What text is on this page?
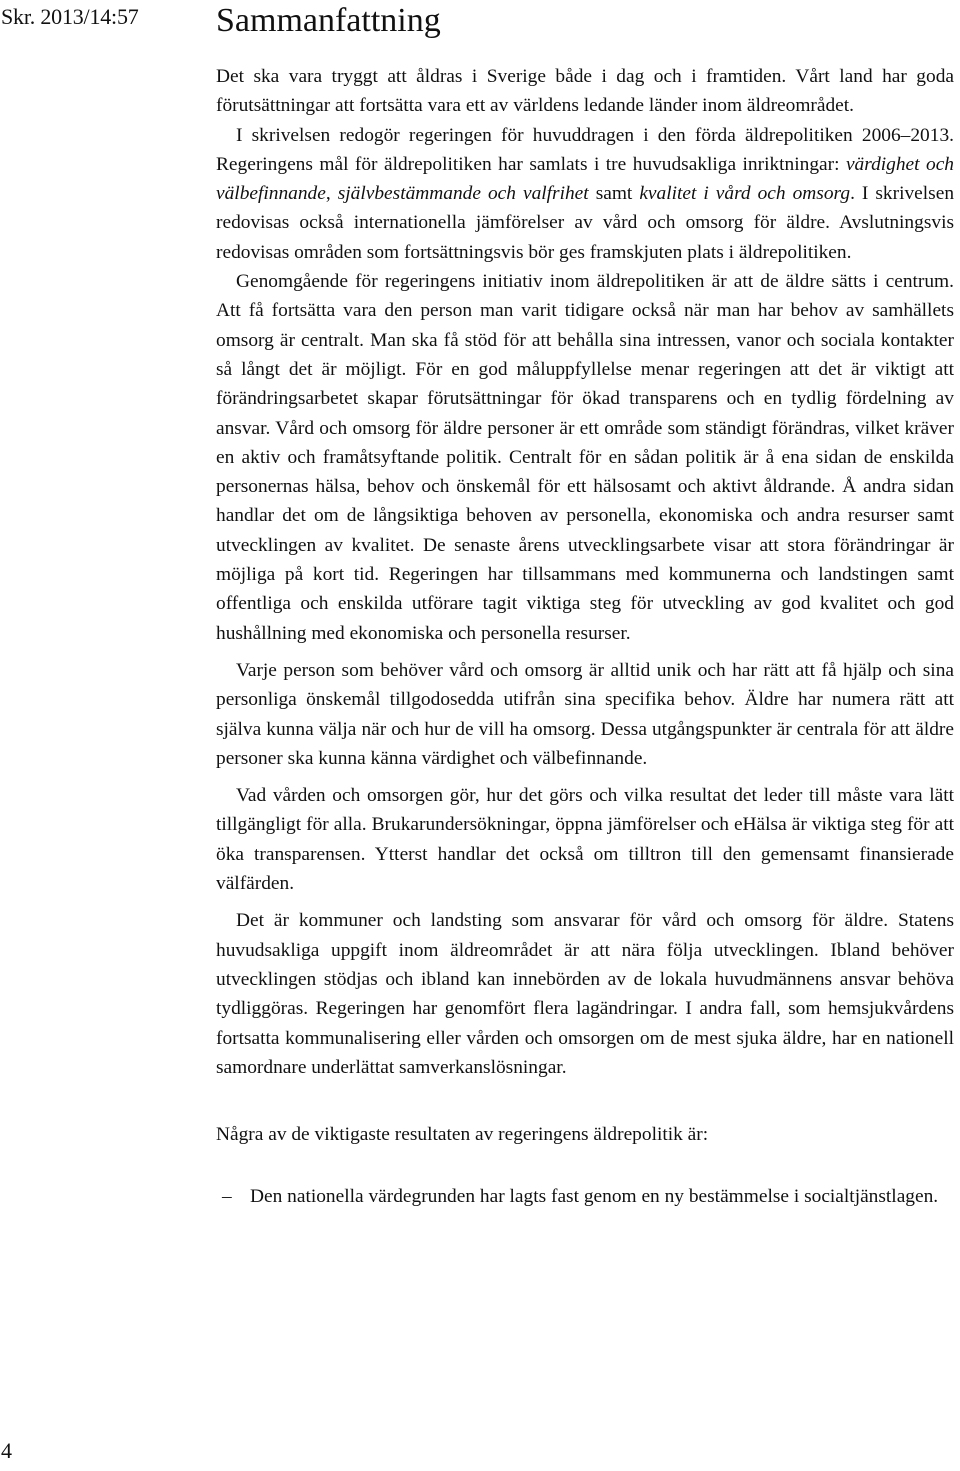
Skr. 2013/14:57 Sammanfattning

Det ska vara tryggt att åldras i Sverige både i dag och i framtiden. Vårt land har goda förutsättningar att fortsätta vara ett av världens ledande länder inom äldreområdet.

I skrivelsen redogör regeringen för huvuddragen i den förda äldrepolitiken 2006–2013. Regeringens mål för äldrepolitiken har samlats i tre huvudsakliga inriktningar: värdighet och välbefinnande, självbestämmande och valfrihet samt kvalitet i vård och omsorg. I skrivelsen redovisas också internationella jämförelser av vård och omsorg för äldre. Avslutningsvis redovisas områden som fortsättningsvis bör ges framskjuten plats i äldrepolitiken.

Genomgående för regeringens initiativ inom äldrepolitiken är att de äldre sätts i centrum. Att få fortsätta vara den person man varit tidigare också när man har behov av samhällets omsorg är centralt. Man ska få stöd för att behålla sina intressen, vanor och sociala kontakter så långt det är möjligt. För en god måluppfyllelse menar regeringen att det är viktigt att förändringsarbetet skapar förutsättningar för ökad transparens och en tydlig fördelning av ansvar. Vård och omsorg för äldre personer är ett område som ständigt förändras, vilket kräver en aktiv och framåtsyftande politik. Centralt för en sådan politik är å ena sidan de enskilda personernas hälsa, behov och önskemål för ett hälsosamt och aktivt åldrande. Å andra sidan handlar det om de långsiktiga behoven av personella, ekonomiska och andra resurser samt utvecklingen av kvalitet. De senaste årens utvecklingsarbete visar att stora förändringar är möjliga på kort tid. Regeringen har tillsammans med kommunerna och landstingen samt offentliga och enskilda utförare tagit viktiga steg för utveckling av god kvalitet och god hushållning med ekonomiska och personella resurser.

Varje person som behöver vård och omsorg är alltid unik och har rätt att få hjälp och sina personliga önskemål tillgodosedda utifrån sina specifika behov. Äldre har numera rätt att själva kunna välja när och hur de vill ha omsorg. Dessa utgångspunkter är centrala för att äldre personer ska kunna känna värdighet och välbefinnande.

Vad vården och omsorgen gör, hur det görs och vilka resultat det leder till måste vara lätt tillgängligt för alla. Brukarundersökningar, öppna jämförelser och eHälsa är viktiga steg för att öka transparensen. Ytterst handlar det också om tilltron till den gemensamt finansierade välfärden.

Det är kommuner och landsting som ansvarar för vård och omsorg för äldre. Statens huvudsakliga uppgift inom äldreområdet är att nära följa utvecklingen. Ibland behöver utvecklingen stödjas och ibland kan innebörden av de lokala huvudmännens ansvar behöva tydliggöras. Regeringen har genomfört flera lagändringar. I andra fall, som hemsjukvårdens fortsatta kommunalisering eller vården och omsorgen om de mest sjuka äldre, har en nationell samordnare underlättat samverkanslösningar.

Några av de viktigaste resultaten av regeringens äldrepolitik är:

– Den nationella värdegrunden har lagts fast genom en ny bestämmelse i socialtjänstlagen.
4
